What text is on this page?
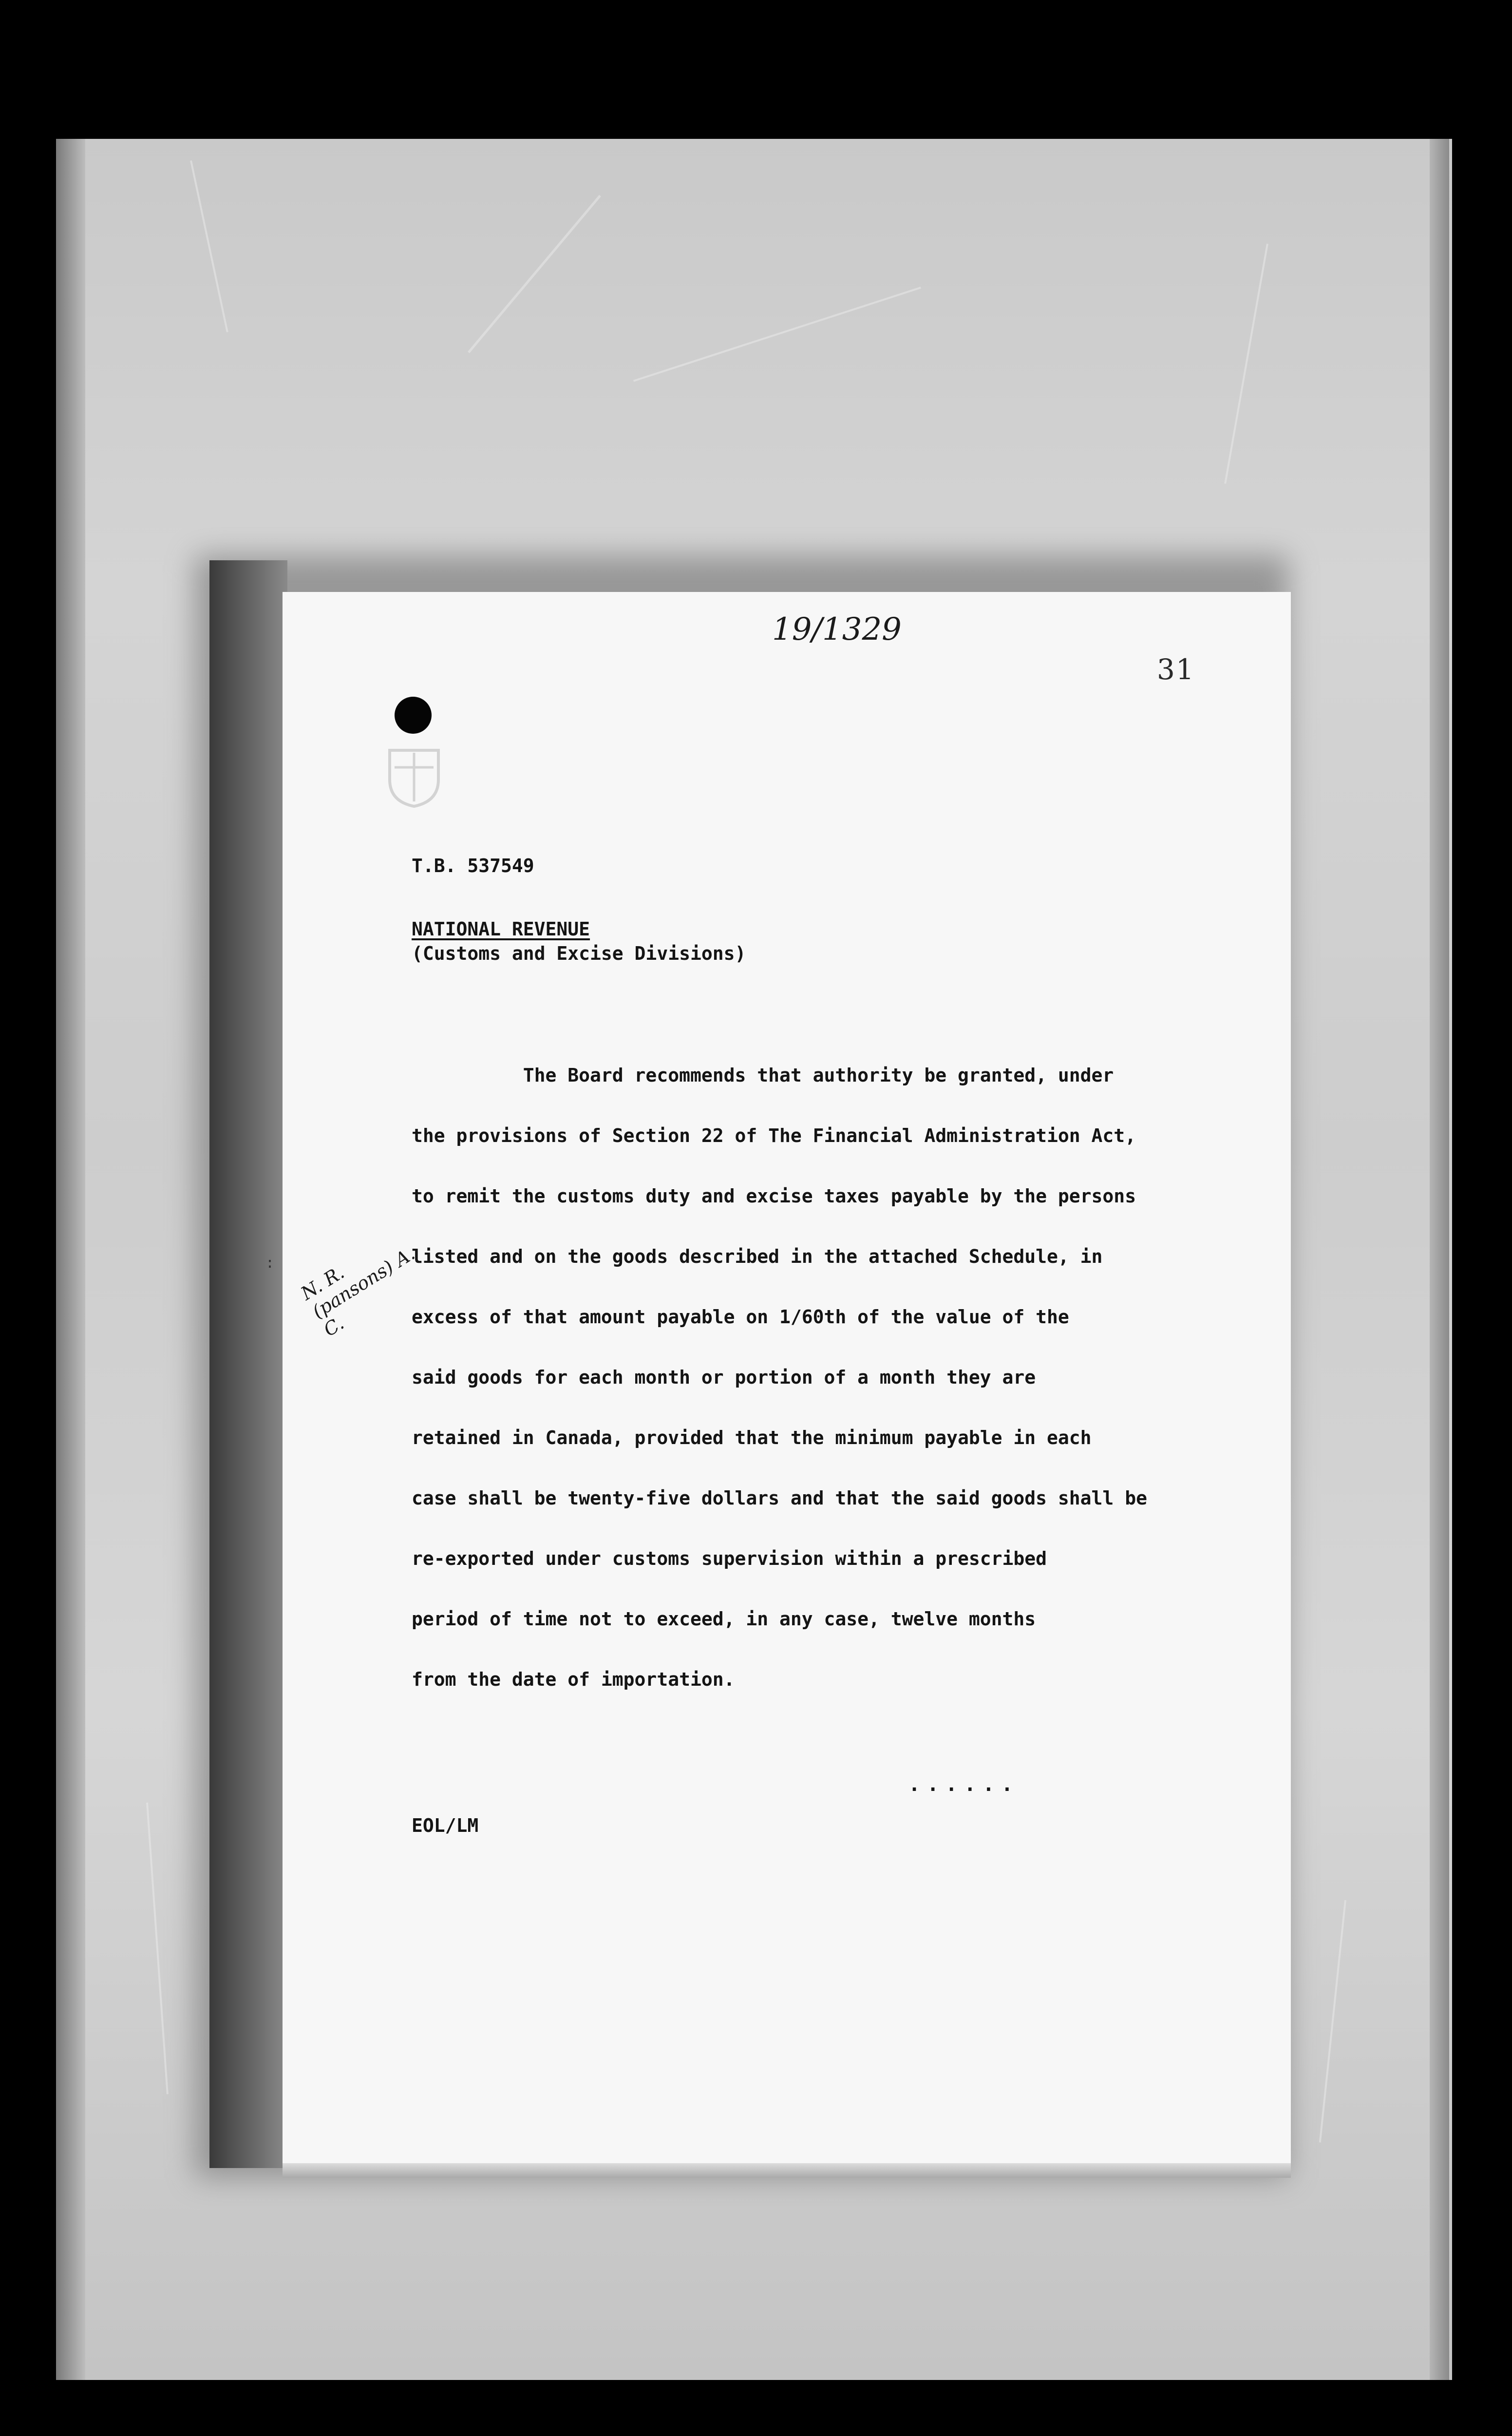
19/1329
31
:	N. R. (pansons) A. C.
T.B. 537549
NATIONAL REVENUE
(Customs and Excise Divisions)
The Board recommends that authority be granted, under
the provisions of Section 22 of The Financial Administration Act,
to remit the customs duty and excise taxes payable by the persons
listed and on the goods described in the attached Schedule, in
excess of that amount payable on 1/60th of the value of the
said goods for each month or portion of a month they are
retained in Canada, provided that the minimum payable in each
case shall be twenty-five dollars and that the said goods shall be
re-exported under customs supervision within a prescribed
period of time not to exceed, in any case, twelve months
from the date of importation.
......
EOL/LM
